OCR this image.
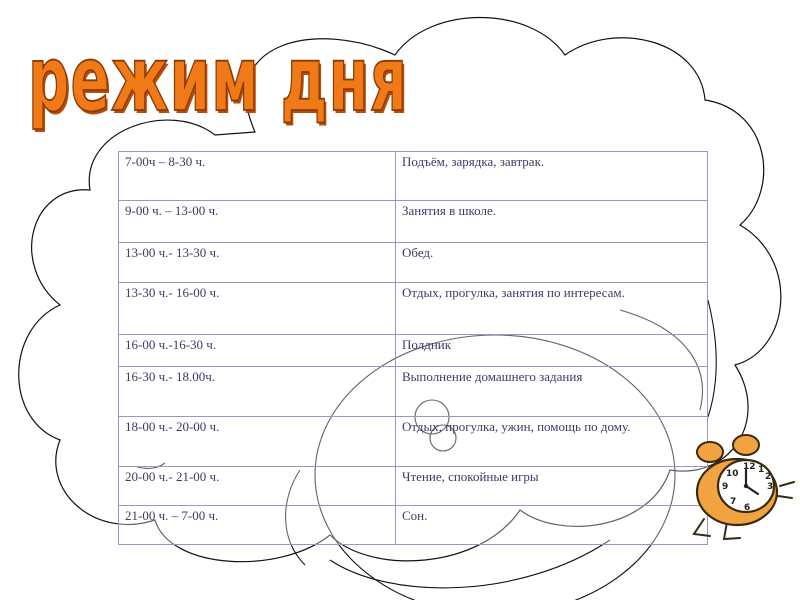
режим дня
7-00ч – 8-30 ч.	Подъём, зарядка, завтрак.
9-00 ч. – 13-00 ч.	Занятия в школе.
13-00 ч.- 13-30 ч.	Обед.
13-30 ч.- 16-00 ч.	Отдых, прогулка, занятия по интересам.
16-00 ч.-16-30 ч.	Полдник
16-30 ч.- 18.00ч.	Выполнение домашнего задания
18-00 ч.- 20-00 ч.	Отдых, прогулка, ужин, помощь по дому.
20-00 ч.- 21-00 ч.	Чтение, спокойные игры
21-00 ч. – 7-00 ч.	Сон.
12
3
6
9
1
2
7
10
